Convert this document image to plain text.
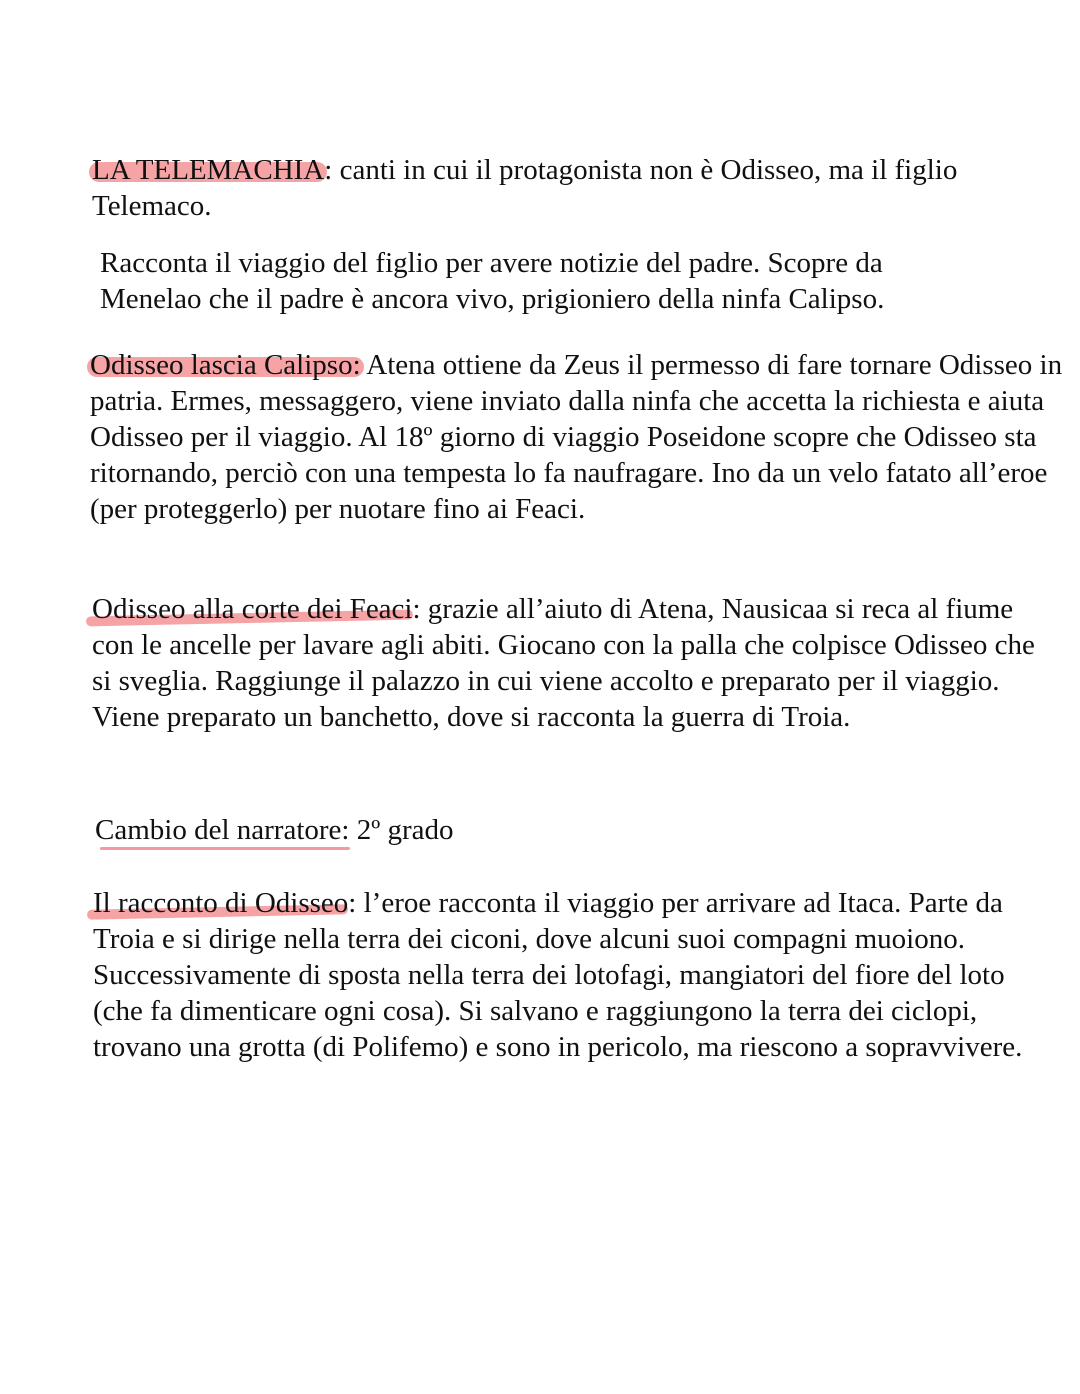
LA TELEMACHIA: canti in cui il protagonista non è Odisseo, ma il figlio Telemaco.

Racconta il viaggio del figlio per avere notizie del padre. Scopre da Menelao che il padre è ancora vivo, prigioniero della ninfa Calipso.

Odisseo lascia Calipso: Atena ottiene da Zeus il permesso di fare tornare Odisseo in patria. Ermes, messaggero, viene inviato dalla ninfa che accetta la richiesta e aiuta Odisseo per il viaggio. Al 18º giorno di viaggio Poseidone scopre che Odisseo sta ritornando, perciò con una tempesta lo fa naufragare. Ino da un velo fatato all’eroe (per proteggerlo) per nuotare fino ai Feaci.

Odisseo alla corte dei Feaci: grazie all’aiuto di Atena, Nausicaa si reca al fiume con le ancelle per lavare agli abiti. Giocano con la palla che colpisce Odisseo che si sveglia. Raggiunge il palazzo in cui viene accolto e preparato per il viaggio. Viene preparato un banchetto, dove si racconta la guerra di Troia.

Cambio del narratore: 2º grado

Il racconto di Odisseo: l’eroe racconta il viaggio per arrivare ad Itaca. Parte da Troia e si dirige nella terra dei ciconi, dove alcuni suoi compagni muoiono. Successivamente di sposta nella terra dei lotofagi, mangiatori del fiore del loto (che fa dimenticare ogni cosa). Si salvano e raggiungono la terra dei ciclopi, trovano una grotta (di Polifemo) e sono in pericolo, ma riescono a sopravvivere.
